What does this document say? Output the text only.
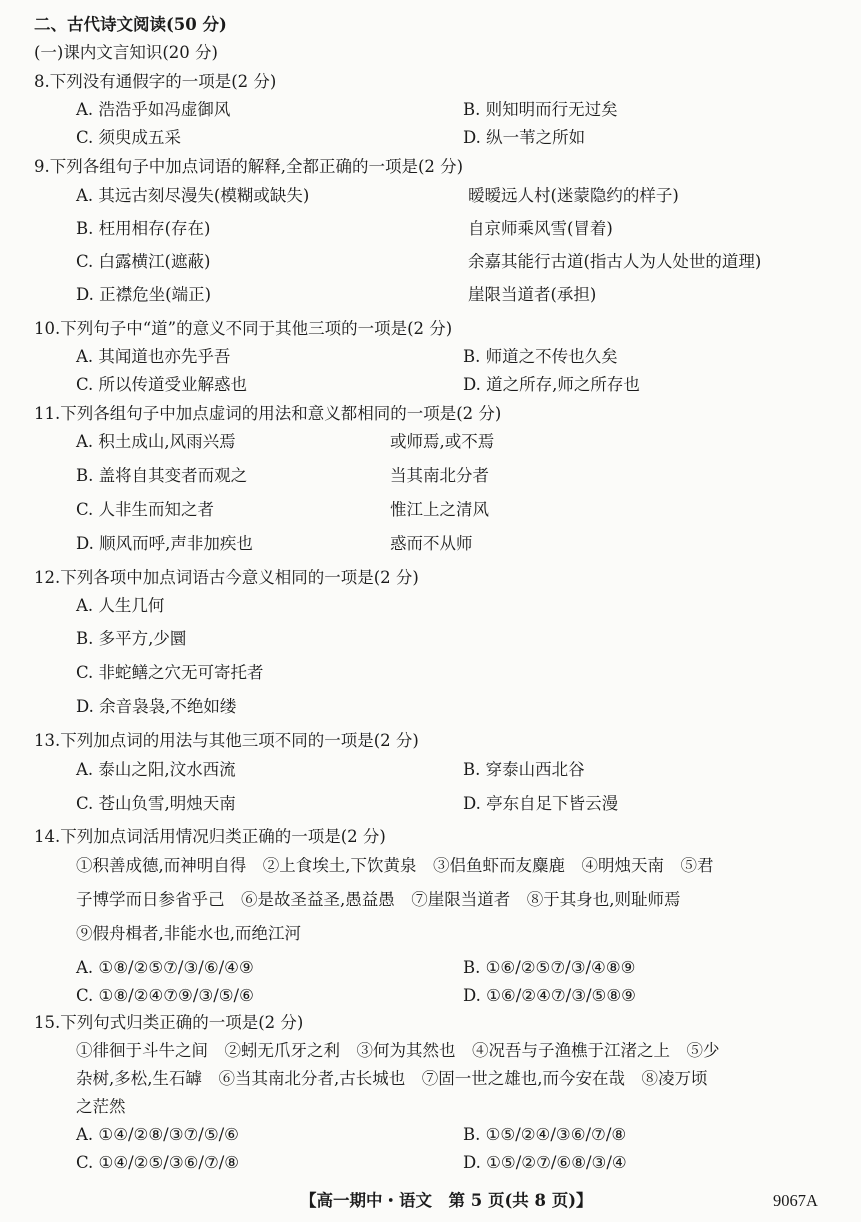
二、古代诗文阅读(50 分)
(一)课内文言知识(20 分)
8.下列没有通假字的一项是(2 分)
A. 浩浩乎如冯虚御风	B. 则知明而行无过矣
C. 须臾成五采	D. 纵一苇之所如
9.下列各组句子中加点词语的解释,全都正确的一项是(2 分)
A. 其远古刻尽漫失(模糊或缺失)	暧暧远人村(迷蒙隐约的样子)
B. 枉用相存(存在)	自京师乘风雪(冒着)
C. 白露横江(遮蔽)	余嘉其能行古道(指古人为人处世的道理)
D. 正襟危坐(端正)	崖限当道者(承担)
10.下列句子中“道”的意义不同于其他三项的一项是(2 分)
A. 其闻道也亦先乎吾	B. 师道之不传也久矣
C. 所以传道受业解惑也	D. 道之所存,师之所存也
11.下列各组句子中加点虚词的用法和意义都相同的一项是(2 分)
A. 积土成山,风雨兴焉	或师焉,或不焉
B. 盖将自其变者而观之	当其南北分者
C. 人非生而知之者	惟江上之清风
D. 顺风而呼,声非加疾也	惑而不从师
12.下列各项中加点词语古今意义相同的一项是(2 分)
A. 人生几何
B. 多平方,少圜
C. 非蛇鳝之穴无可寄托者
D. 余音袅袅,不绝如缕
13.下列加点词的用法与其他三项不同的一项是(2 分)
A. 泰山之阳,汶水西流	B. 穿泰山西北谷
C. 苍山负雪,明烛天南	D. 亭东自足下皆云漫
14.下列加点词活用情况归类正确的一项是(2 分)
①积善成德,而神明自得　②上食埃土,下饮黄泉　③侣鱼虾而友麋鹿　④明烛天南　⑤君
子博学而日参省乎己　⑥是故圣益圣,愚益愚　⑦崖限当道者　⑧于其身也,则耻师焉
⑨假舟楫者,非能水也,而绝江河
A. ①⑧/②⑤⑦/③/⑥/④⑨	B. ①⑥/②⑤⑦/③/④⑧⑨
C. ①⑧/②④⑦⑨/③/⑤/⑥	D. ①⑥/②④⑦/③/⑤⑧⑨
15.下列句式归类正确的一项是(2 分)
①徘徊于斗牛之间　②蚓无爪牙之利　③何为其然也　④况吾与子渔樵于江渚之上　⑤少
杂树,多松,生石罅　⑥当其南北分者,古长城也　⑦固一世之雄也,而今安在哉　⑧凌万顷
之茫然
A. ①④/②⑧/③⑦/⑤/⑥	B. ①⑤/②④/③⑥/⑦/⑧
C. ①④/②⑤/③⑥/⑦/⑧	D. ①⑤/②⑦/⑥⑧/③/④
【高一期中・语文　第 5 页(共 8 页)】	9067A
